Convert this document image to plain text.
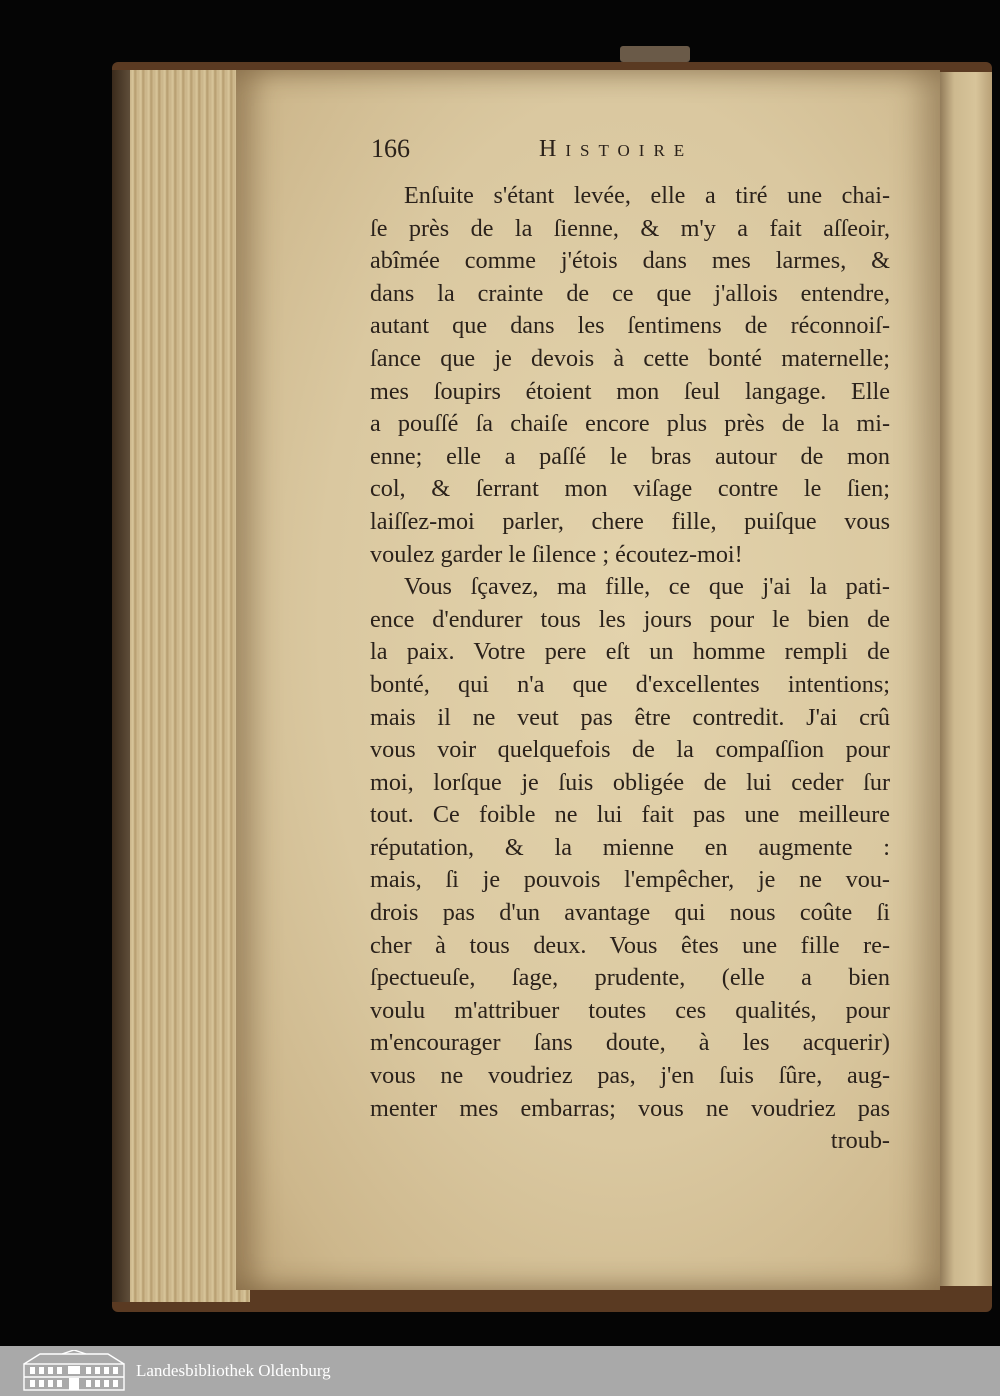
166	Histoire
Enſuite s'étant levée, elle a tiré une chai-
ſe près de la ſienne, & m'y a fait aſſeoir,
abîmée comme j'étois dans mes larmes, &
dans la crainte de ce que j'allois entendre,
autant que dans les ſentimens de réconnoiſ-
ſance que je devois à cette bonté maternelle;
mes ſoupirs étoient mon ſeul langage. Elle
a pouſſé ſa chaiſe encore plus près de la mi-
enne; elle a paſſé le bras autour de mon
col, & ſerrant mon viſage contre le ſien;
laiſſez-moi parler, chere fille, puiſque vous
voulez garder le ſilence ; écoutez-moi!
Vous ſçavez, ma fille, ce que j'ai la pati-
ence d'endurer tous les jours pour le bien de
la paix. Votre pere eſt un homme rempli de
bonté, qui n'a que d'excellentes intentions;
mais il ne veut pas être contredit. J'ai crû
vous voir quelquefois de la compaſſion pour
moi, lorſque je ſuis obligée de lui ceder ſur
tout. Ce foible ne lui fait pas une meilleure
réputation, & la mienne en augmente :
mais, ſi je pouvois l'empêcher, je ne vou-
drois pas d'un avantage qui nous coûte ſi
cher à tous deux. Vous êtes une fille re-
ſpectueuſe, ſage, prudente, (elle a bien
voulu m'attribuer toutes ces qualités, pour
m'encourager ſans doute, à les acquerir)
vous ne voudriez pas, j'en ſuis ſûre, aug-
menter mes embarras; vous ne voudriez pas
troub-
Landesbibliothek Oldenburg
